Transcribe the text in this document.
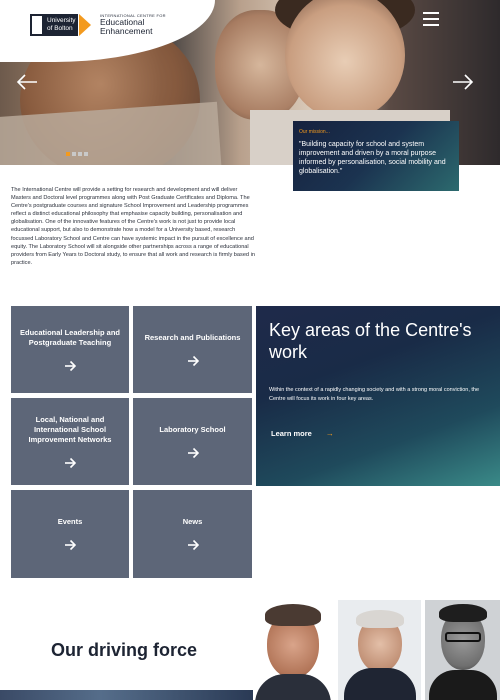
University
of Bolton
INTERNATIONAL CENTRE FOR
Educational
Enhancement
Our mission...
"Building capacity for school and system improvement and driven by a moral purpose informed by personalisation, social mobility and globalisation."

The International Centre will provide a setting for research and development and will deliver Masters and Doctoral level programmes along with Post Graduate Certificates and Diploma. The Centre's postgraduate courses and signature School Improvement and Leadership programmes reflect a distinct educational philosophy that emphasise capacity building, personalisation and globalisation. One of the innovative features of the Centre's work is not just to provide local educational support, but also to demonstrate how a model for a University based, research focussed Laboratory School and Centre can have systemic impact in the pursuit of excellence and equity. The Laboratory School will sit alongside other partnerships across a range of educational providers from Early Years to Doctoral study, to ensure that all work and research is firmly based in practice.

Educational Leadership and Postgraduate Teaching
Research and Publications
Local, National and International School Improvement Networks
Laboratory School
Events	News
Key areas of the Centre's work

Within the context of a rapidly changing society and with a strong moral conviction, the Centre will focus its work in four key areas.

Learn more →
Our driving force
